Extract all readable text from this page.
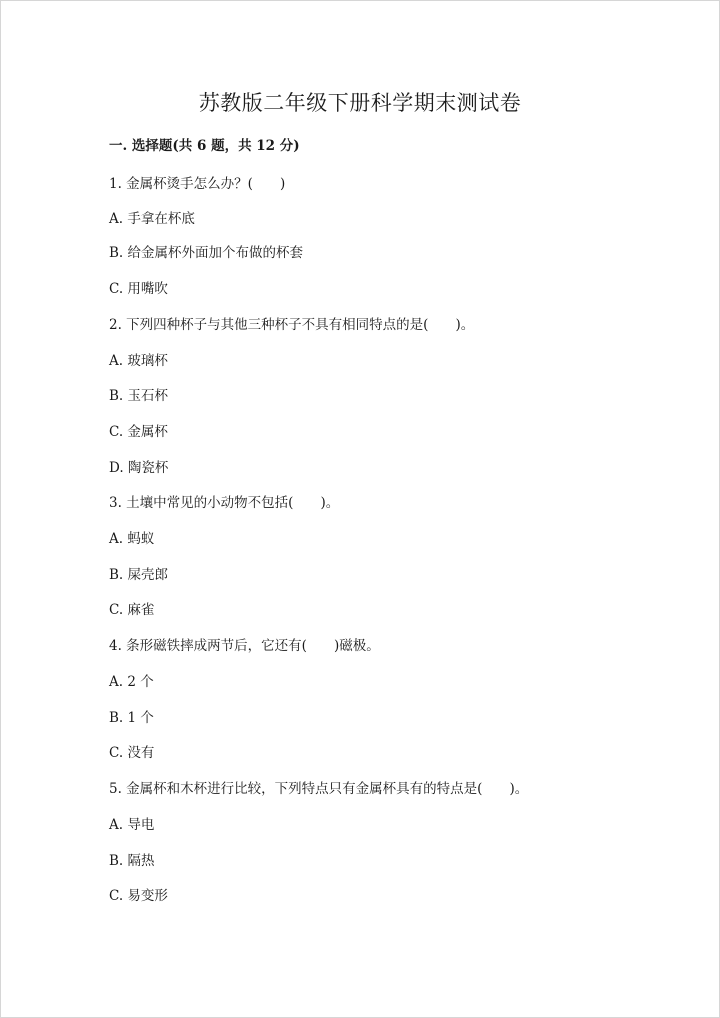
苏教版二年级下册科学期末测试卷
一. 选择题(共 6 题，共 12 分)
1. 金属杯烫手怎么办？(　　)
A. 手拿在杯底
B. 给金属杯外面加个布做的杯套
C. 用嘴吹
2. 下列四种杯子与其他三种杯子不具有相同特点的是(　　)。
A. 玻璃杯
B. 玉石杯
C. 金属杯
D. 陶瓷杯
3. 土壤中常见的小动物不包括(　　)。
A. 蚂蚁
B. 屎壳郎
C. 麻雀
4. 条形磁铁摔成两节后，它还有(　　)磁极。
A. 2 个
B. 1 个
C. 没有
5. 金属杯和木杯进行比较，下列特点只有金属杯具有的特点是(　　)。
A. 导电
B. 隔热
C. 易变形
